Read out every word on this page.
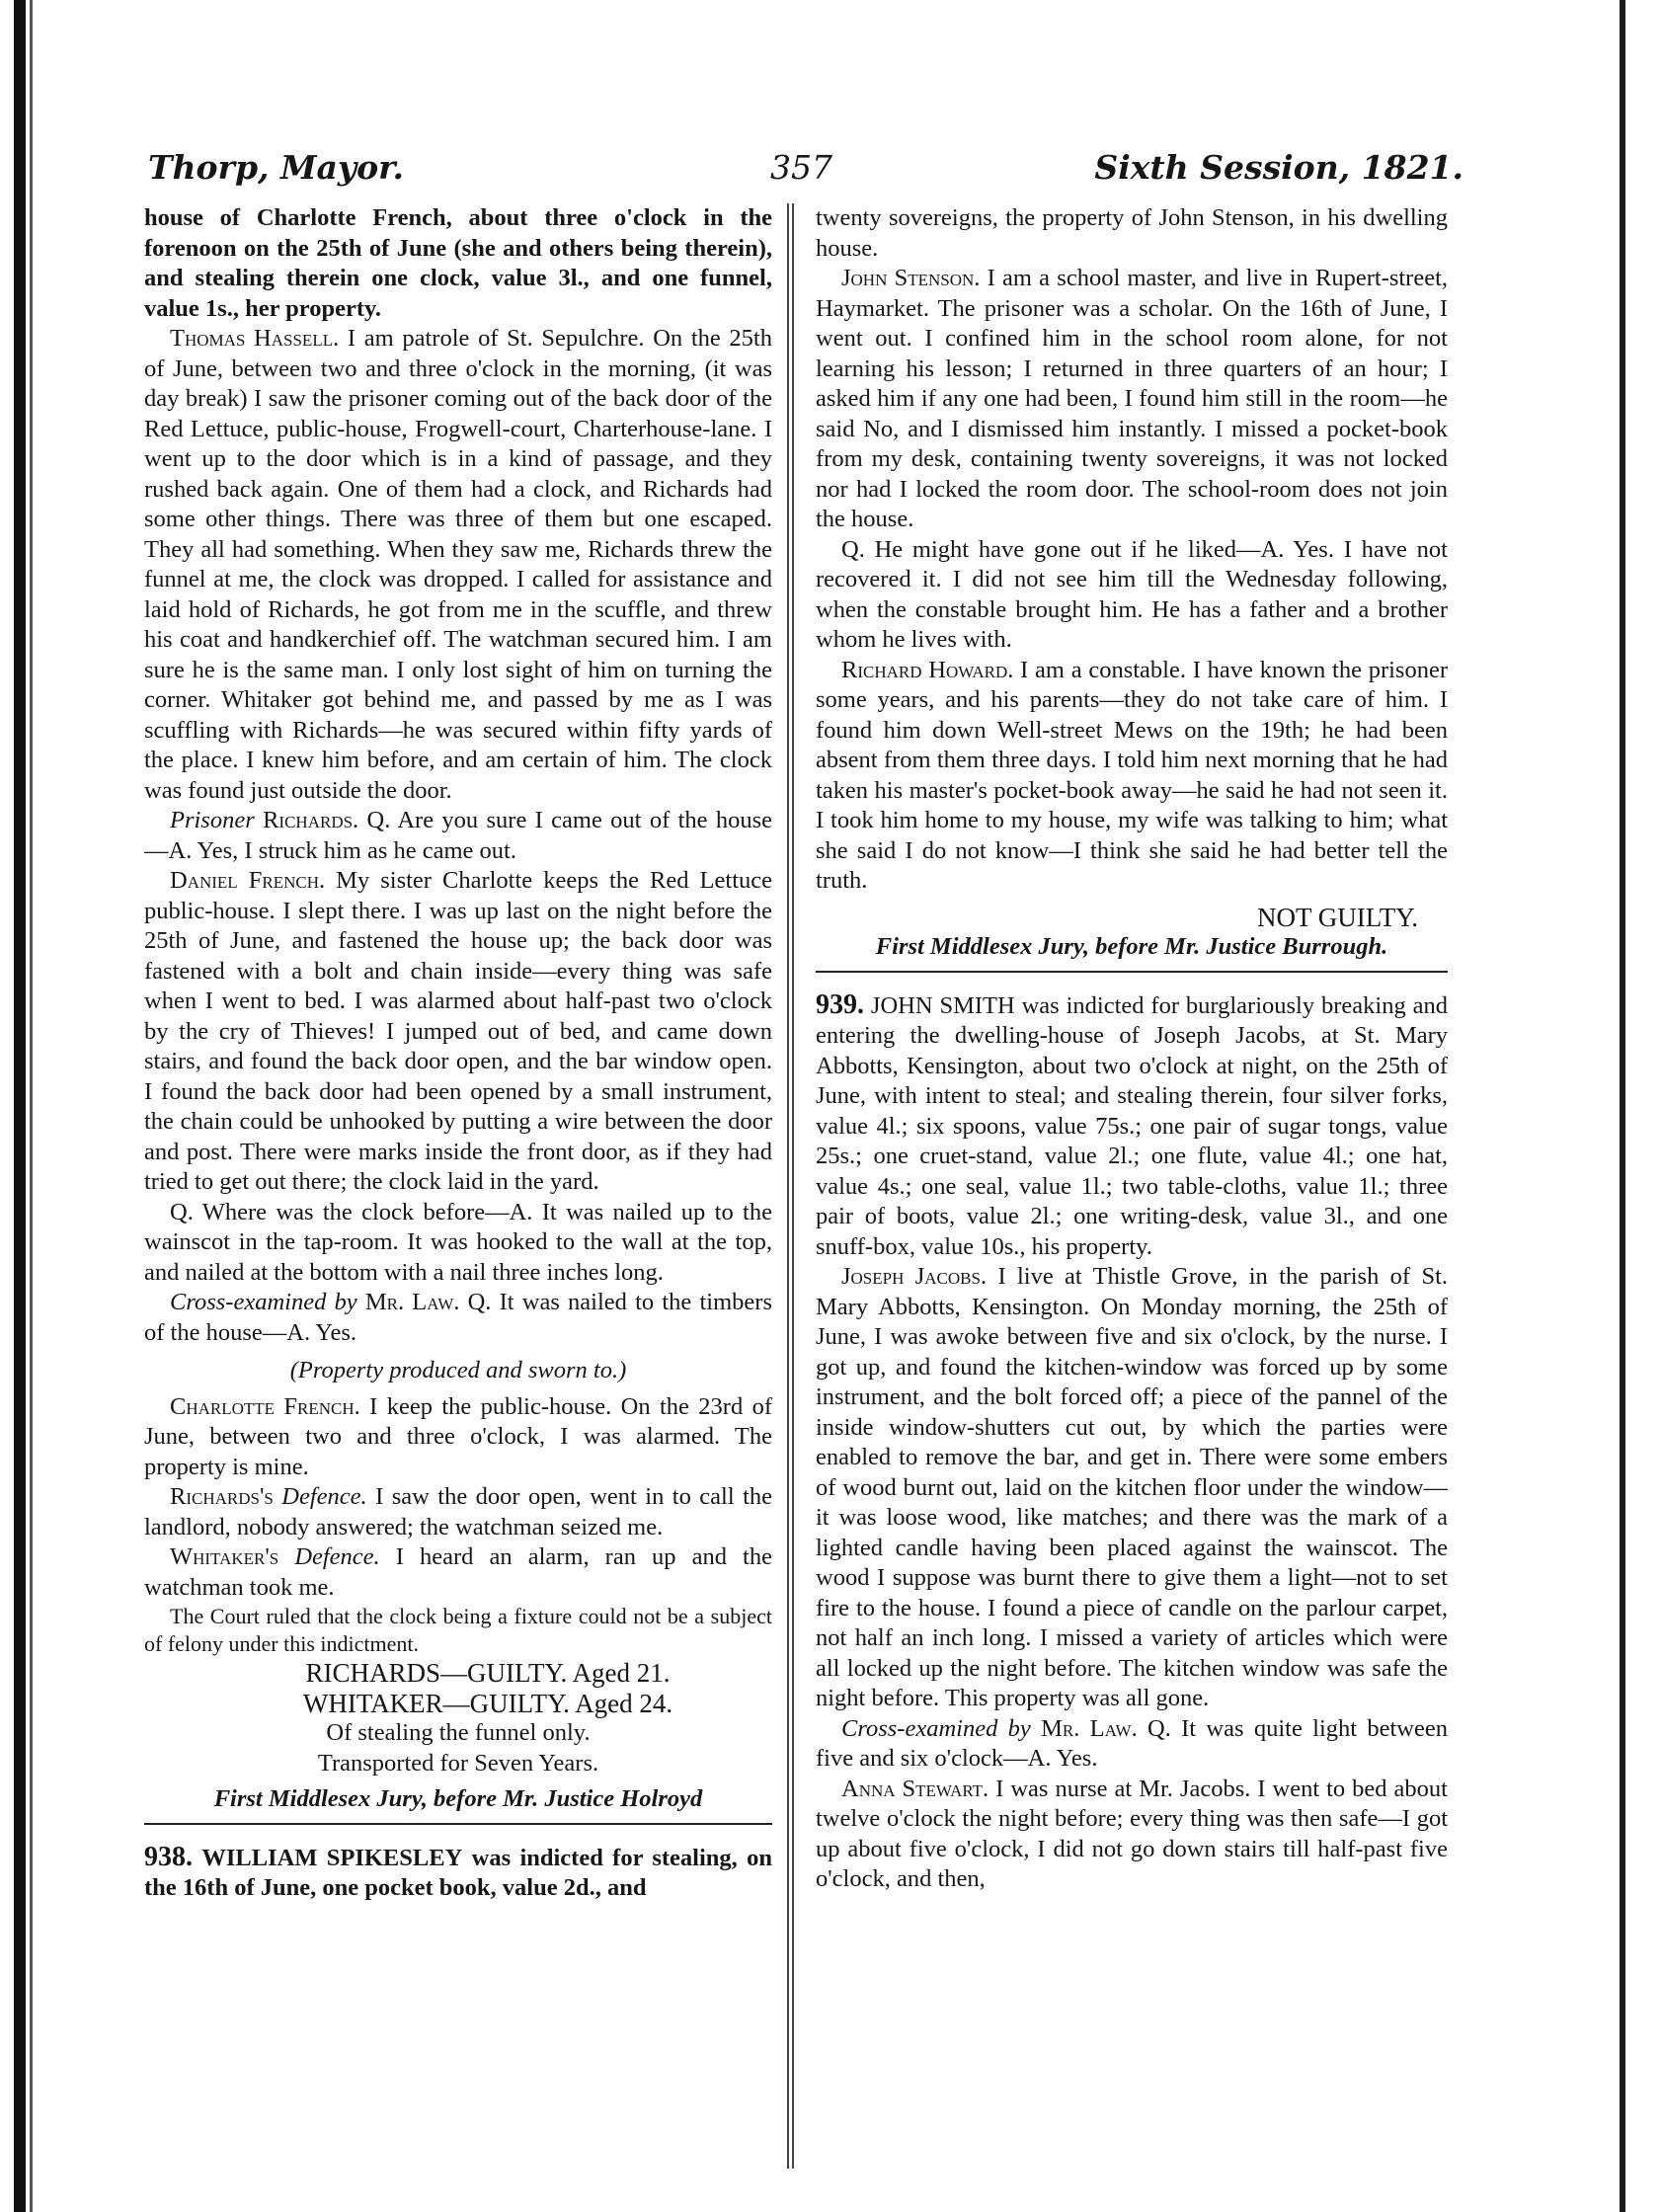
Thorp, Mayor.	357	Sixth Session, 1821.

house of Charlotte French, about three o'clock in the forenoon on the 25th of June (she and others being therein), and stealing therein one clock, value 3l., and one funnel, value 1s., her property.

Thomas Hassell. I am patrole of St. Sepulchre. On the 25th of June, between two and three o'clock in the morning, (it was day break) I saw the prisoner coming out of the back door of the Red Lettuce, public-house, Frogwell-court, Charterhouse-lane. I went up to the door which is in a kind of passage, and they rushed back again. One of them had a clock, and Richards had some other things. There was three of them but one escaped. They all had something. When they saw me, Richards threw the funnel at me, the clock was dropped. I called for assistance and laid hold of Richards, he got from me in the scuffle, and threw his coat and handkerchief off. The watchman secured him. I am sure he is the same man. I only lost sight of him on turning the corner. Whitaker got behind me, and passed by me as I was scuffling with Richards—he was secured within fifty yards of the place. I knew him before, and am certain of him. The clock was found just outside the door.

Prisoner Richards. Q. Are you sure I came out of the house—A. Yes, I struck him as he came out.

Daniel French. My sister Charlotte keeps the Red Lettuce public-house. I slept there. I was up last on the night before the 25th of June, and fastened the house up; the back door was fastened with a bolt and chain inside—every thing was safe when I went to bed. I was alarmed about half-past two o'clock by the cry of Thieves! I jumped out of bed, and came down stairs, and found the back door open, and the bar window open. I found the back door had been opened by a small instrument, the chain could be unhooked by putting a wire between the door and post. There were marks inside the front door, as if they had tried to get out there; the clock laid in the yard.

Q. Where was the clock before—A. It was nailed up to the wainscot in the tap-room. It was hooked to the wall at the top, and nailed at the bottom with a nail three inches long.

Cross-examined by Mr. Law. Q. It was nailed to the timbers of the house—A. Yes.

(Property produced and sworn to.)

Charlotte French. I keep the public-house. On the 23rd of June, between two and three o'clock, I was alarmed. The property is mine.

Richards's Defence. I saw the door open, went in to call the landlord, nobody answered; the watchman seized me.

Whitaker's Defence. I heard an alarm, ran up and the watchman took me.

The Court ruled that the clock being a fixture could not be a subject of felony under this indictment.

RICHARDS—GUILTY. Aged 21.

WHITAKER—GUILTY. Aged 24.

Of stealing the funnel only.

Transported for Seven Years.

First Middlesex Jury, before Mr. Justice Holroyd

938. WILLIAM SPIKESLEY was indicted for stealing, on the 16th of June, one pocket book, value 2d., and

twenty sovereigns, the property of John Stenson, in his dwelling house.

John Stenson. I am a school master, and live in Rupert-street, Haymarket. The prisoner was a scholar. On the 16th of June, I went out. I confined him in the school room alone, for not learning his lesson; I returned in three quarters of an hour; I asked him if any one had been, I found him still in the room—he said No, and I dismissed him instantly. I missed a pocket-book from my desk, containing twenty sovereigns, it was not locked nor had I locked the room door. The school-room does not join the house.

Q. He might have gone out if he liked—A. Yes. I have not recovered it. I did not see him till the Wednesday following, when the constable brought him. He has a father and a brother whom he lives with.

Richard Howard. I am a constable. I have known the prisoner some years, and his parents—they do not take care of him. I found him down Well-street Mews on the 19th; he had been absent from them three days. I told him next morning that he had taken his master's pocket-book away—he said he had not seen it. I took him home to my house, my wife was talking to him; what she said I do not know—I think she said he had better tell the truth.

NOT GUILTY.

First Middlesex Jury, before Mr. Justice Burrough.

939. JOHN SMITH was indicted for burglariously breaking and entering the dwelling-house of Joseph Jacobs, at St. Mary Abbotts, Kensington, about two o'clock at night, on the 25th of June, with intent to steal; and stealing therein, four silver forks, value 4l.; six spoons, value 75s.; one pair of sugar tongs, value 25s.; one cruet-stand, value 2l.; one flute, value 4l.; one hat, value 4s.; one seal, value 1l.; two table-cloths, value 1l.; three pair of boots, value 2l.; one writing-desk, value 3l., and one snuff-box, value 10s., his property.

Joseph Jacobs. I live at Thistle Grove, in the parish of St. Mary Abbotts, Kensington. On Monday morning, the 25th of June, I was awoke between five and six o'clock, by the nurse. I got up, and found the kitchen-window was forced up by some instrument, and the bolt forced off; a piece of the pannel of the inside window-shutters cut out, by which the parties were enabled to remove the bar, and get in. There were some embers of wood burnt out, laid on the kitchen floor under the window—it was loose wood, like matches; and there was the mark of a lighted candle having been placed against the wainscot. The wood I suppose was burnt there to give them a light—not to set fire to the house. I found a piece of candle on the parlour carpet, not half an inch long. I missed a variety of articles which were all locked up the night before. The kitchen window was safe the night before. This property was all gone.

Cross-examined by Mr. Law. Q. It was quite light between five and six o'clock—A. Yes.

Anna Stewart. I was nurse at Mr. Jacobs. I went to bed about twelve o'clock the night before; every thing was then safe—I got up about five o'clock, I did not go down stairs till half-past five o'clock, and then,
